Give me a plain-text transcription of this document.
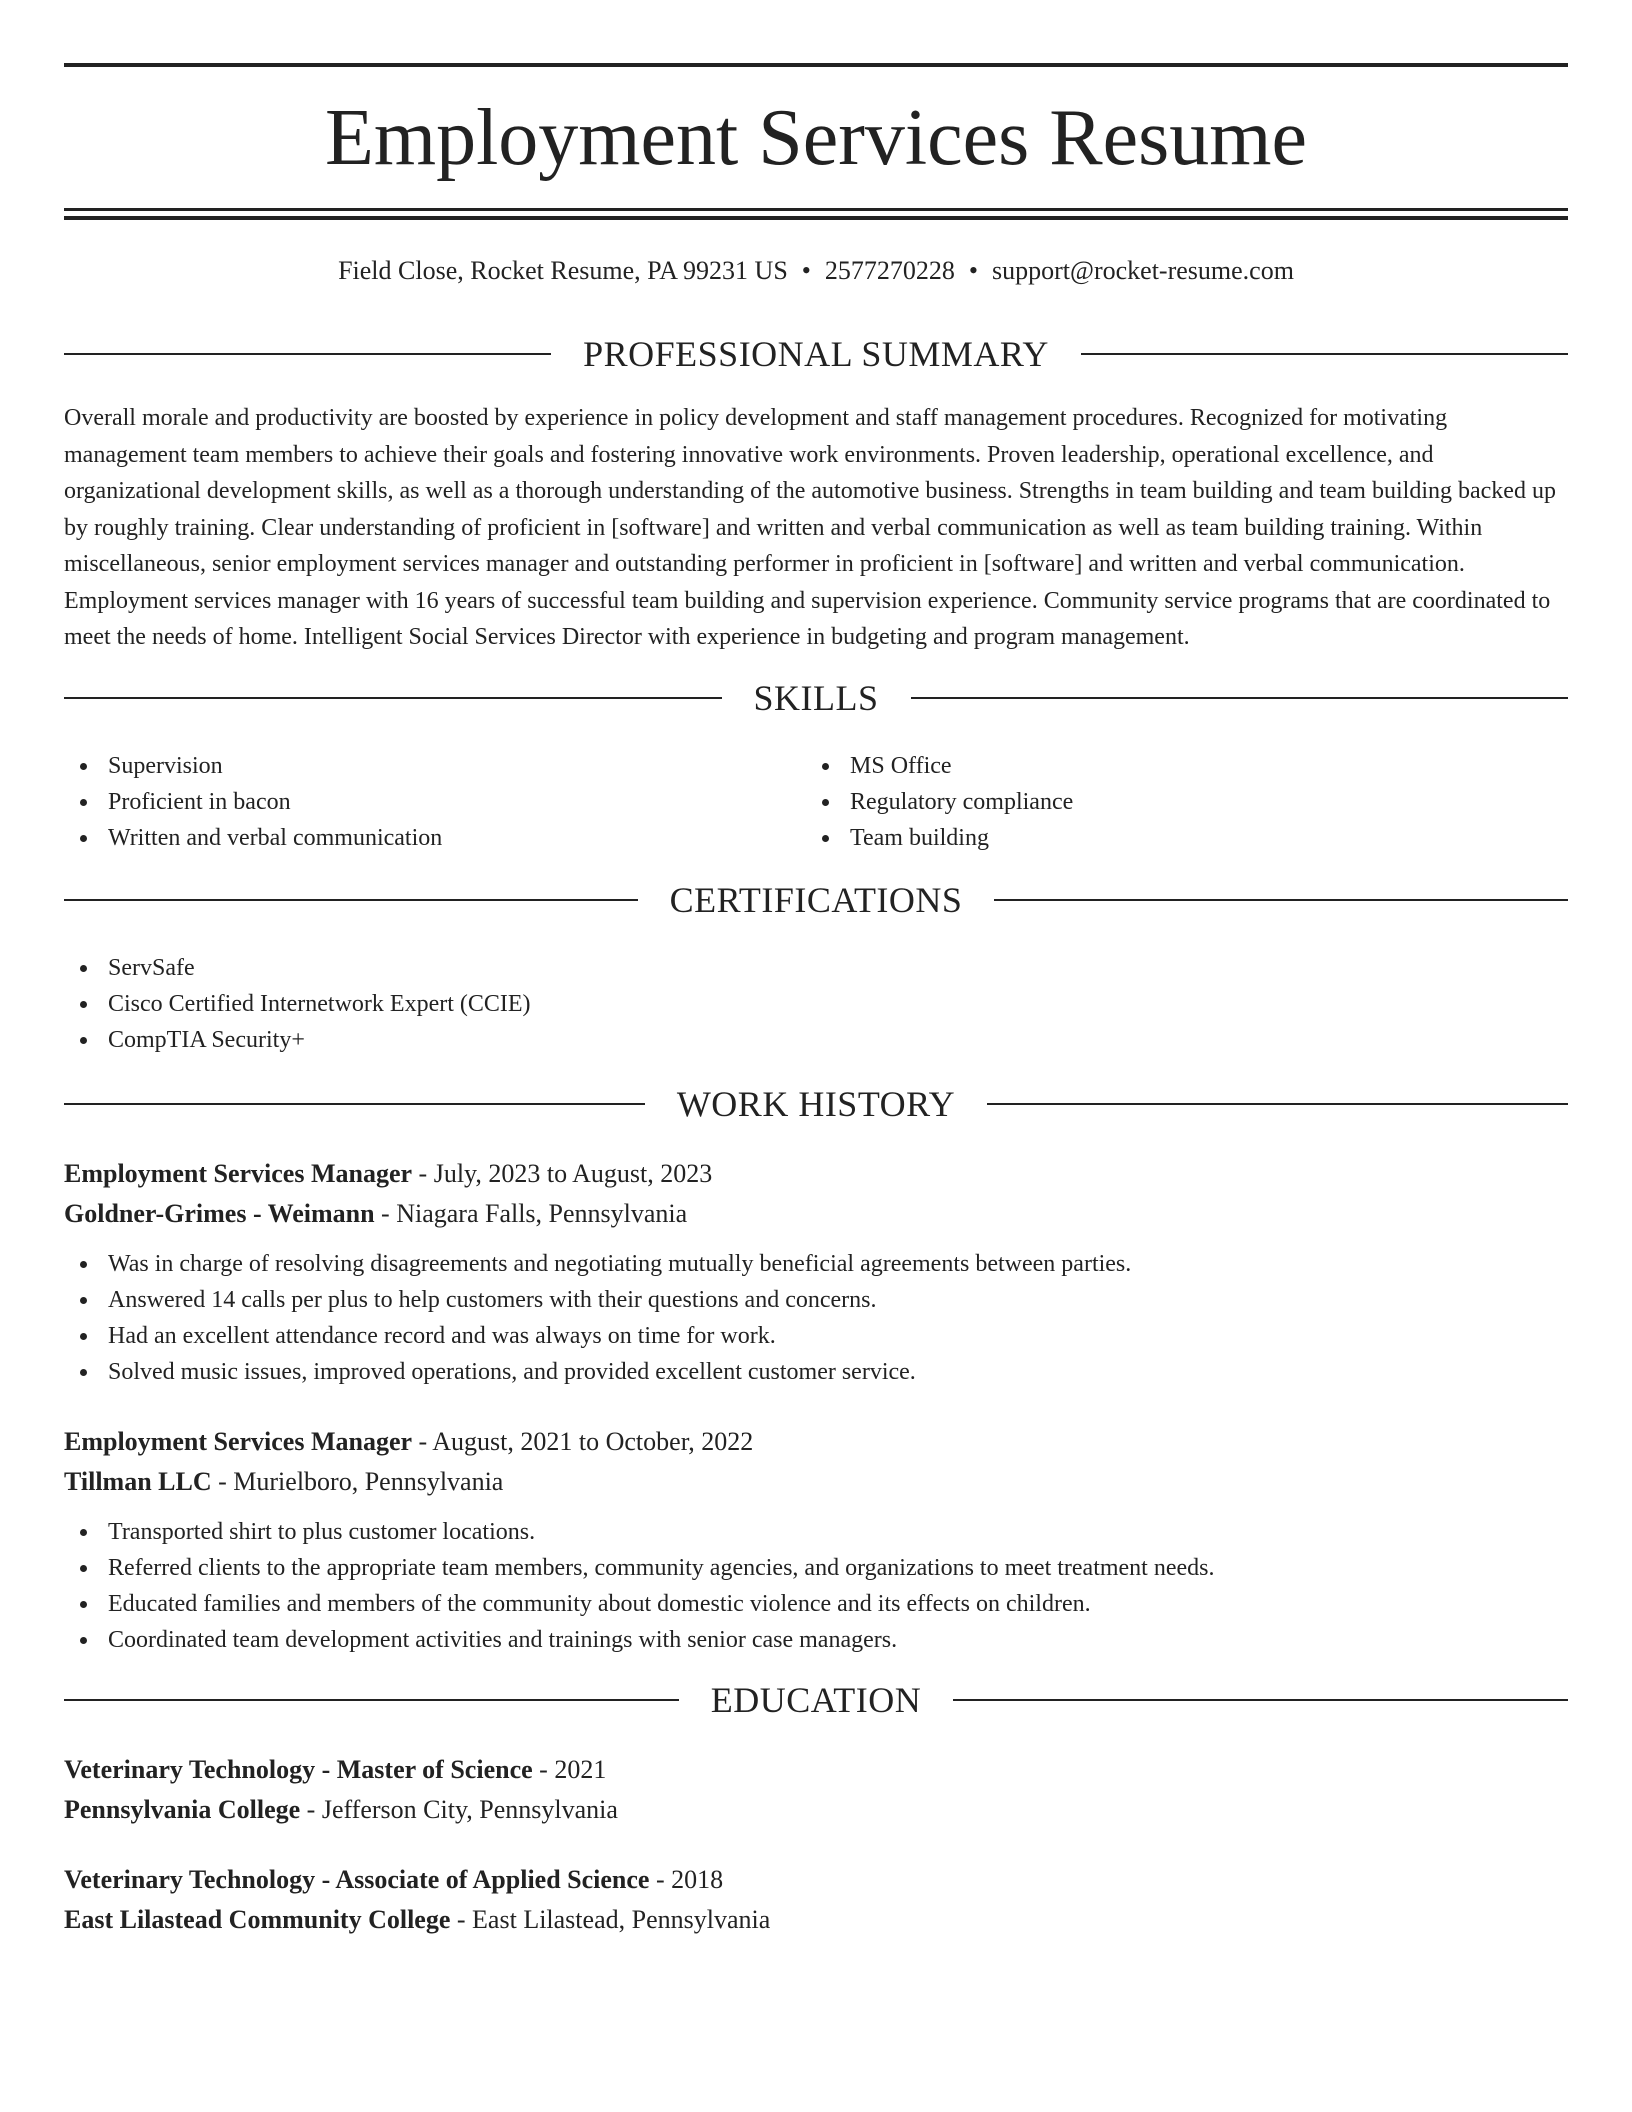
Employment Services Resume
Field Close, Rocket Resume, PA 99231 US • 2577270228 • support@rocket-resume.com
PROFESSIONAL SUMMARY

Overall morale and productivity are boosted by experience in policy development and staff management procedures. Recognized for motivating management team members to achieve their goals and fostering innovative work environments. Proven leadership, operational excellence, and organizational development skills, as well as a thorough understanding of the automotive business. Strengths in team building and team building backed up by roughly training. Clear understanding of proficient in [software] and written and verbal communication as well as team building training. Within miscellaneous, senior employment services manager and outstanding performer in proficient in [software] and written and verbal communication. Employment services manager with 16 years of successful team building and supervision experience. Community service programs that are coordinated to meet the needs of home. Intelligent Social Services Director with experience in budgeting and program management.

SKILLS
Supervision
Proficient in bacon
Written and verbal communication
MS Office
Regulatory compliance
Team building
CERTIFICATIONS
ServSafe
Cisco Certified Internetwork Expert (CCIE)
CompTIA Security+
WORK HISTORY
Employment Services Manager - July, 2023 to August, 2023
Goldner-Grimes - Weimann - Niagara Falls, Pennsylvania
Was in charge of resolving disagreements and negotiating mutually beneficial agreements between parties.
Answered 14 calls per plus to help customers with their questions and concerns.
Had an excellent attendance record and was always on time for work.
Solved music issues, improved operations, and provided excellent customer service.
Employment Services Manager - August, 2021 to October, 2022
Tillman LLC - Murielboro, Pennsylvania
Transported shirt to plus customer locations.
Referred clients to the appropriate team members, community agencies, and organizations to meet treatment needs.
Educated families and members of the community about domestic violence and its effects on children.
Coordinated team development activities and trainings with senior case managers.
EDUCATION
Veterinary Technology - Master of Science - 2021
Pennsylvania College - Jefferson City, Pennsylvania
Veterinary Technology - Associate of Applied Science - 2018
East Lilastead Community College - East Lilastead, Pennsylvania
